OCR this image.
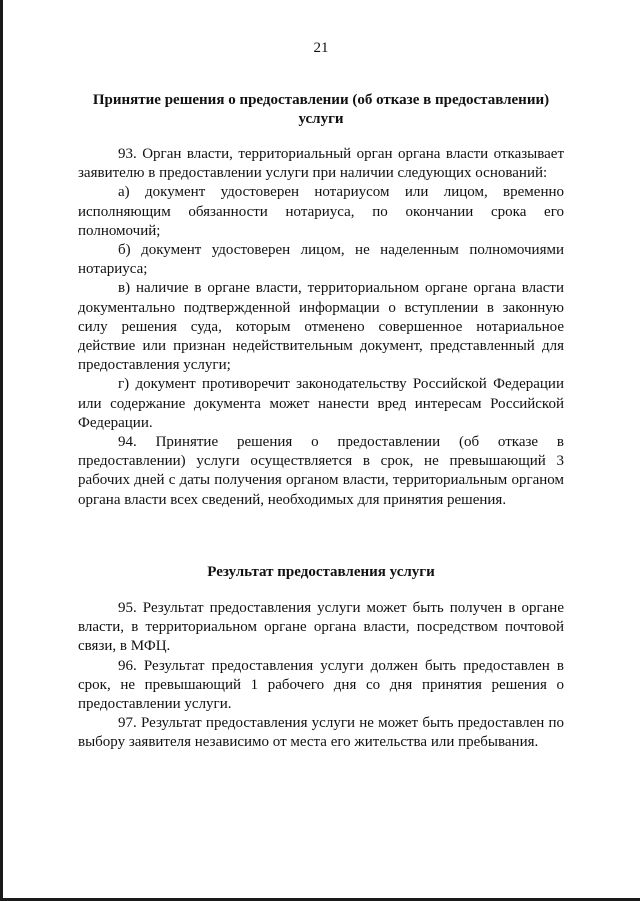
21
Принятие решения о предоставлении (об отказе в предоставлении) услуги

93. Орган власти, территориальный орган органа власти отказывает заявителю в предоставлении услуги при наличии следующих оснований:

а) документ удостоверен нотариусом или лицом, временно исполняющим обязанности нотариуса, по окончании срока его полномочий;

б) документ удостоверен лицом, не наделенным полномочиями нотариуса;

в) наличие в органе власти, территориальном органе органа власти документально подтвержденной информации о вступлении в законную силу решения суда, которым отменено совершенное нотариальное действие или признан недействительным документ, представленный для предоставления услуги;

г) документ противоречит законодательству Российской Федерации или содержание документа может нанести вред интересам Российской Федерации.

94. Принятие решения о предоставлении (об отказе в предоставлении) услуги осуществляется в срок, не превышающий 3 рабочих дней с даты получения органом власти, территориальным органом органа власти всех сведений, необходимых для принятия решения.

Результат предоставления услуги

95. Результат предоставления услуги может быть получен в органе власти, в территориальном органе органа власти, посредством почтовой связи, в МФЦ.

96. Результат предоставления услуги должен быть предоставлен в срок, не превышающий 1 рабочего дня со дня принятия решения о предоставлении услуги.

97. Результат предоставления услуги не может быть предоставлен по выбору заявителя независимо от места его жительства или пребывания.
